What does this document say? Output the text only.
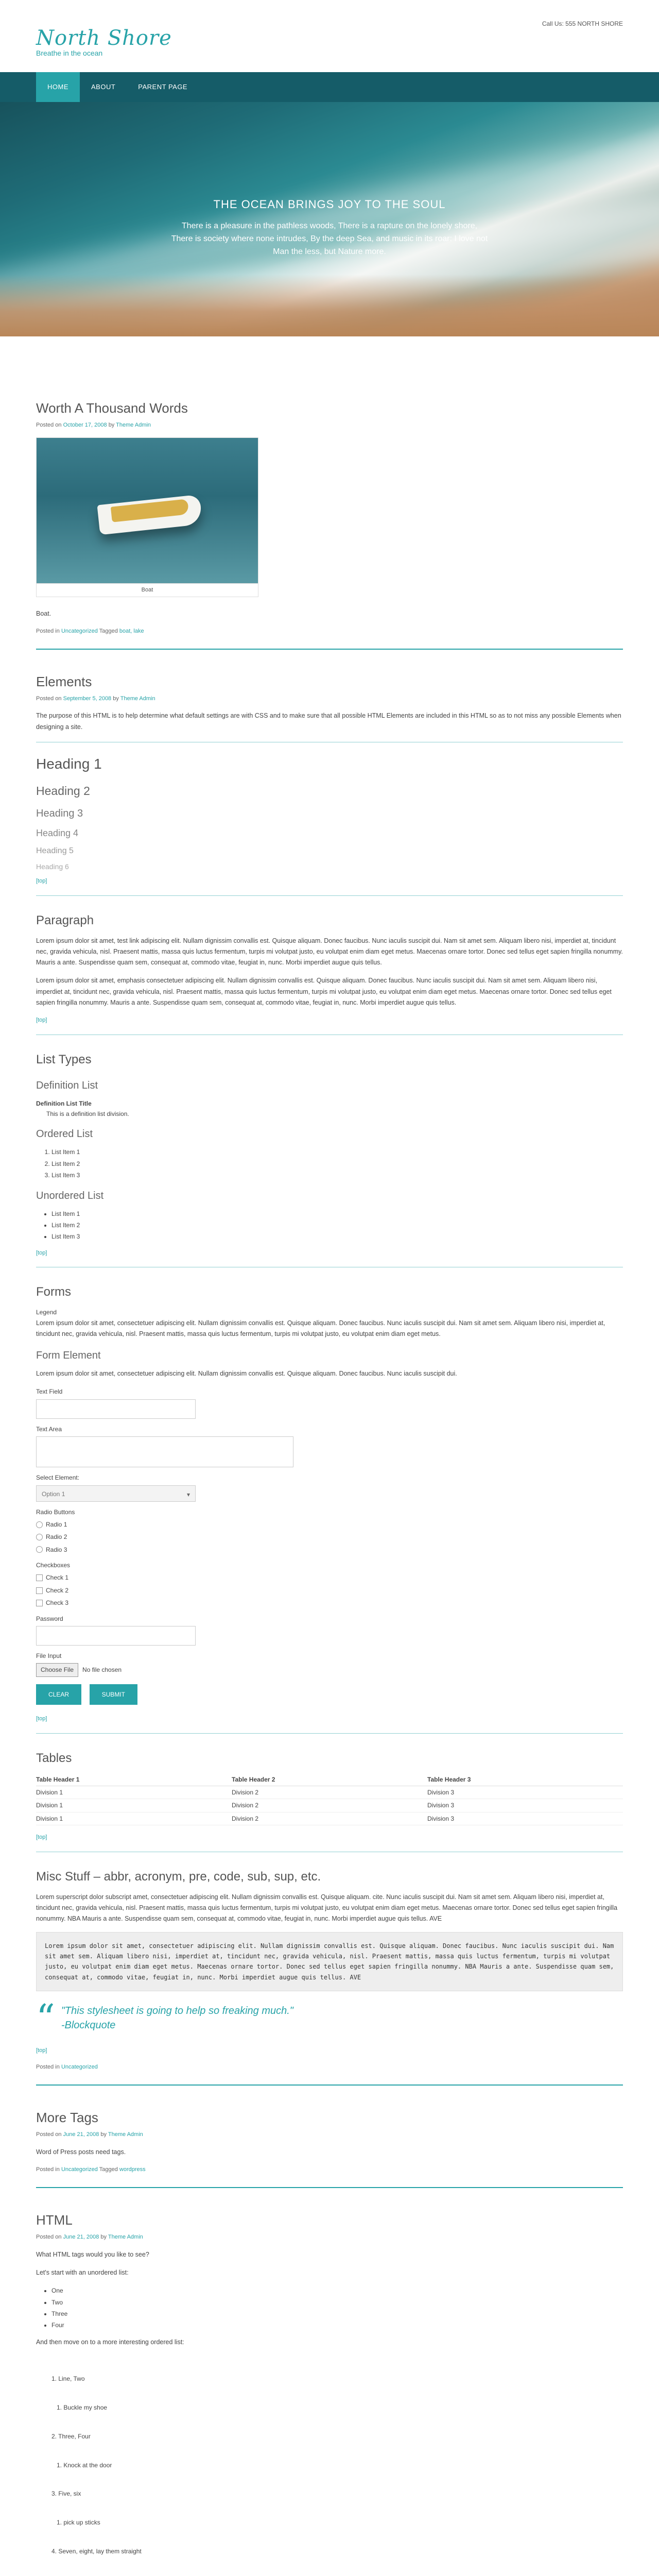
North Shore
Breathe in the ocean
Call Us: 555 NORTH SHORE
HOME	ABOUT	PARENT PAGE
THE OCEAN BRINGS JOY TO THE SOUL
There is a pleasure in the pathless woods, There is a rapture on the lonely shore, There is society where none intrudes, By the deep Sea, and music in its roar: I love not Man the less, but Nature more.
Worth A Thousand Words
Posted on October 17, 2008 by Theme Admin
Boat

Boat.

Posted in Uncategorized Tagged boat, lake
Elements
Posted on September 5, 2008 by Theme Admin

The purpose of this HTML is to help determine what default settings are with CSS and to make sure that all possible HTML Elements are included in this HTML so as to not miss any possible Elements when designing a site.

Heading 1
Heading 2
Heading 3
Heading 4
Heading 5
Heading 6
[top]
Paragraph

Lorem ipsum dolor sit amet, test link adipiscing elit. Nullam dignissim convallis est. Quisque aliquam. Donec faucibus. Nunc iaculis suscipit dui. Nam sit amet sem. Aliquam libero nisi, imperdiet at, tincidunt nec, gravida vehicula, nisl. Praesent mattis, massa quis luctus fermentum, turpis mi volutpat justo, eu volutpat enim diam eget metus. Maecenas ornare tortor. Donec sed tellus eget sapien fringilla nonummy. Mauris a ante. Suspendisse quam sem, consequat at, commodo vitae, feugiat in, nunc. Morbi imperdiet augue quis tellus.

Lorem ipsum dolor sit amet, emphasis consectetuer adipiscing elit. Nullam dignissim convallis est. Quisque aliquam. Donec faucibus. Nunc iaculis suscipit dui. Nam sit amet sem. Aliquam libero nisi, imperdiet at, tincidunt nec, gravida vehicula, nisl. Praesent mattis, massa quis luctus fermentum, turpis mi volutpat justo, eu volutpat enim diam eget metus. Maecenas ornare tortor. Donec sed tellus eget sapien fringilla nonummy. Mauris a ante. Suspendisse quam sem, consequat at, commodo vitae, feugiat in, nunc. Morbi imperdiet augue quis tellus.

[top]
List Types
Definition List
Definition List Title
This is a definition list division.
Ordered List
1. List Item 1
2. List Item 2
3. List Item 3
Unordered List
• List Item 1
• List Item 2
• List Item 3
[top]
Forms
Legend

Lorem ipsum dolor sit amet, consectetuer adipiscing elit. Nullam dignissim convallis est. Quisque aliquam. Donec faucibus. Nunc iaculis suscipit dui. Nam sit amet sem. Aliquam libero nisi, imperdiet at, tincidunt nec, gravida vehicula, nisl. Praesent mattis, massa quis luctus fermentum, turpis mi volutpat justo, eu volutpat enim diam eget metus.

Form Element

Lorem ipsum dolor sit amet, consectetuer adipiscing elit. Nullam dignissim convallis est. Quisque aliquam. Donec faucibus. Nunc iaculis suscipit dui.

Text Field
Text Area
Select Element:
Option 1	▾
Radio Buttons
Radio 1
Radio 2
Radio 3
Checkboxes
Check 1
Check 2
Check 3
Password
File Input
Choose File	No file chosen
CLEAR	SUBMIT
[top]
Tables
Table Header 1	Table Header 2	Table Header 3
Division 1	Division 2	Division 3
Division 1	Division 2	Division 3
Division 1	Division 2	Division 3
[top]
Misc Stuff – abbr, acronym, pre, code, sub, sup, etc.

Lorem superscript dolor subscript amet, consectetuer adipiscing elit. Nullam dignissim convallis est. Quisque aliquam. cite. Nunc iaculis suscipit dui. Nam sit amet sem. Aliquam libero nisi, imperdiet at, tincidunt nec, gravida vehicula, nisl. Praesent mattis, massa quis luctus fermentum, turpis mi volutpat justo, eu volutpat enim diam eget metus. Maecenas ornare tortor. Donec sed tellus eget sapien fringilla nonummy. NBA Mauris a ante. Suspendisse quam sem, consequat at, commodo vitae, feugiat in, nunc. Morbi imperdiet augue quis tellus. AVE

Lorem ipsum dolor sit amet, consectetuer adipiscing elit. Nullam dignissim convallis est. Quisque aliquam. Donec faucibus. Nunc iaculis suscipit dui. Nam sit amet sem. Aliquam libero nisi, imperdiet at, tincidunt nec, gravida vehicula, nisl. Praesent mattis, massa quis luctus fermentum, turpis mi volutpat justo, eu volutpat enim diam eget metus. Maecenas ornare tortor. Donec sed tellus eget sapien fringilla nonummy. NBA Mauris a ante. Suspendisse quam sem, consequat at, commodo vitae, feugiat in, nunc. Morbi imperdiet augue quis tellus. AVE
“ "This stylesheet is going to help so freaking much."
-Blockquote
[top]
Posted in Uncategorized
More Tags
Posted on June 21, 2008 by Theme Admin

Word of Press posts need tags.

Posted in Uncategorized Tagged wordpress
HTML
Posted on June 21, 2008 by Theme Admin

What HTML tags would you like to see?

Let's start with an unordered list:

• One
• Two
• Three
• Four

And then move on to a more interesting ordered list:

1. Line, Two

1. Buckle my shoe

2. Three, Four

1. Knock at the door

3. Five, six

1. pick up sticks

4. Seven, eight, lay them straight
